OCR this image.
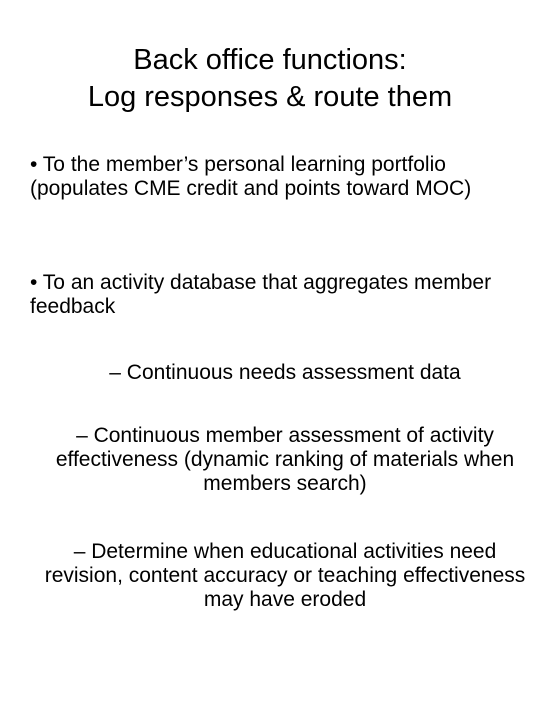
Back office functions:
Log responses & route them
• To the member’s personal learning portfolio (populates CME credit and points toward MOC)
• To an activity database that aggregates member feedback
– Continuous needs assessment data
– Continuous member assessment of activity effectiveness (dynamic ranking of materials when members search)
– Determine when educational activities need revision, content accuracy or teaching effectiveness may have eroded
